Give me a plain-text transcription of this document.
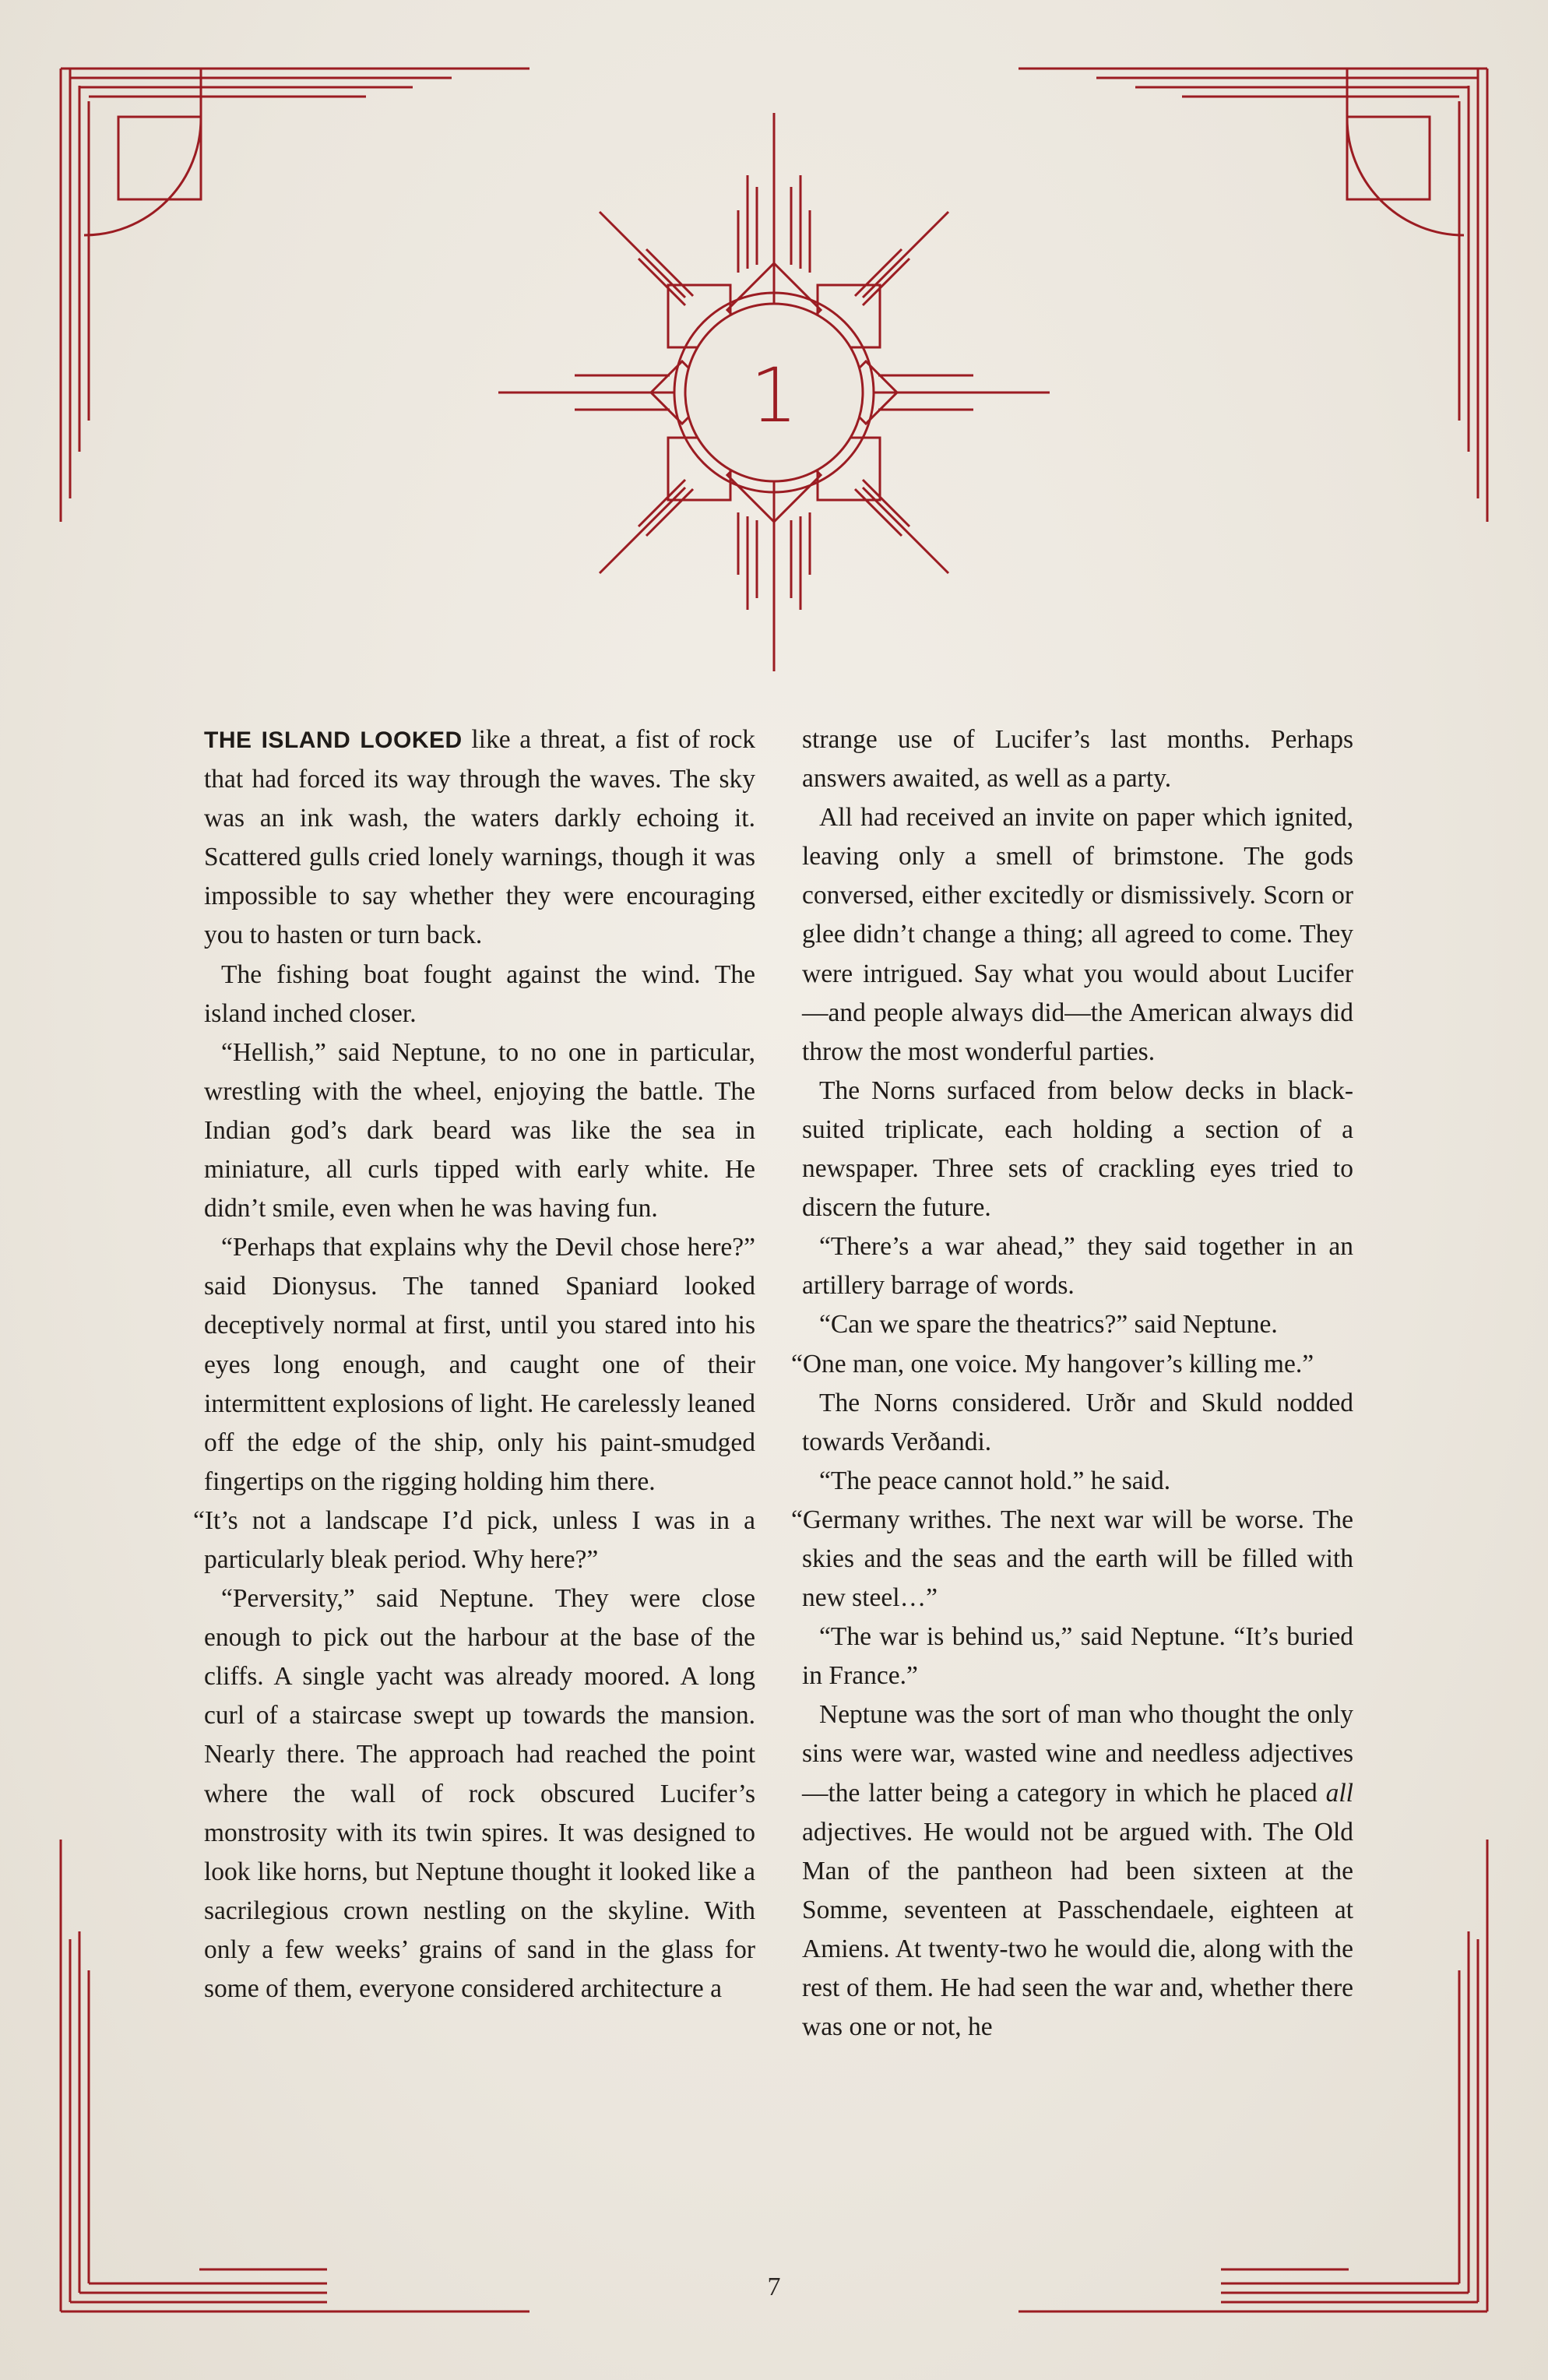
1

THE ISLAND LOOKED like a threat, a fist of rock that had forced its way through the waves. The sky was an ink wash, the waters darkly echoing it. Scattered gulls cried lonely warnings, though it was impossible to say whether they were encouraging you to hasten or turn back.

The fishing boat fought against the wind. The island inched closer.

“Hellish,” said Neptune, to no one in particular, wrestling with the wheel, enjoying the battle. The Indian god’s dark beard was like the sea in miniature, all curls tipped with early white. He didn’t smile, even when he was having fun.

“Perhaps that explains why the Devil chose here?” said Dionysus. The tanned Spaniard looked deceptively normal at first, until you stared into his eyes long enough, and caught one of their intermittent explosions of light. He carelessly leaned off the edge of the ship, only his paint-smudged fingertips on the rigging holding him there.

“It’s not a landscape I’d pick, unless I was in a particularly bleak period. Why here?”

“Perversity,” said Neptune. They were close enough to pick out the harbour at the base of the cliffs. A single yacht was already moored. A long curl of a staircase swept up towards the mansion. Nearly there. The approach had reached the point where the wall of rock obscured Lucifer’s monstrosity with its twin spires. It was designed to look like horns, but Neptune thought it looked like a sacrilegious crown nestling on the skyline. With only a few weeks’ grains of sand in the glass for some of them, everyone considered architecture a

strange use of Lucifer’s last months. Perhaps answers awaited, as well as a party.

All had received an invite on paper which ignited, leaving only a smell of brimstone. The gods conversed, either excitedly or dismissively. Scorn or glee didn’t change a thing; all agreed to come. They were intrigued. Say what you would about Lucifer—and people always did—the American always did throw the most wonderful parties.

The Norns surfaced from below decks in black-suited triplicate, each holding a section of a newspaper. Three sets of crackling eyes tried to discern the future.

“There’s a war ahead,” they said together in an artillery barrage of words.

“Can we spare the theatrics?” said Neptune.

“One man, one voice. My hangover’s killing me.”

The Norns considered. Urðr and Skuld nodded towards Verðandi.

“The peace cannot hold.” he said.

“Germany writhes. The next war will be worse. The skies and the seas and the earth will be filled with new steel…”

“The war is behind us,” said Neptune. “It’s buried in France.”

Neptune was the sort of man who thought the only sins were war, wasted wine and needless adjectives—the latter being a category in which he placed all adjectives. He would not be argued with. The Old Man of the pantheon had been sixteen at the Somme, seventeen at Passchendaele, eighteen at Amiens. At twenty-two he would die, along with the rest of them. He had seen the war and, whether there was one or not, he

7
